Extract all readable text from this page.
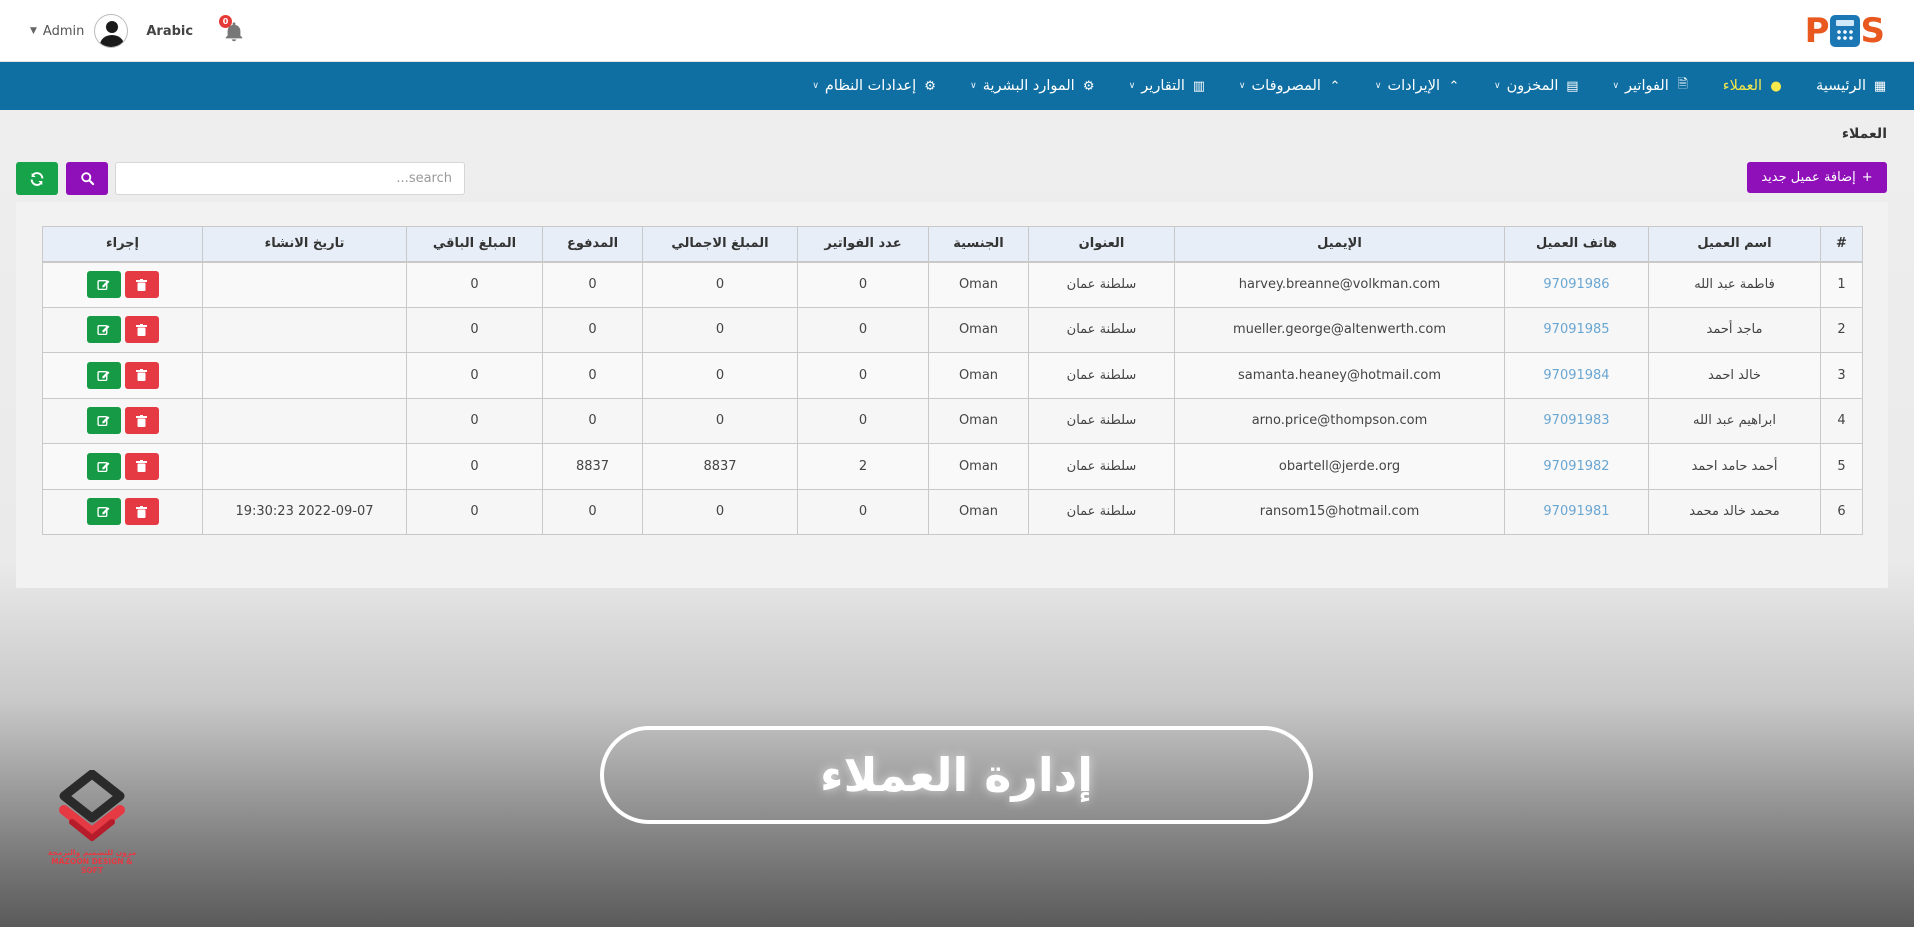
▼ Admin	Arabic
0	P S
▦
الرئيسية
●
العملاء
🗎
الفواتير
∨
▤
المخزون
∨
⌃
الإيرادات
∨
⌃
المصروفات
∨
▥
التقارير
∨
⚙
الموارد البشرية
∨
⚙
إعدادات النظام
∨
العملاء
+
إضافة عميل جديد
search...
#	اسم العميل	هاتف العميل	الإيميل	العنوان	الجنسية	عدد الفواتير	المبلغ الاجمالي	المدفوع	المبلغ الباقي	تاريخ الانشاء	إجراء
1	فاطمة عبد الله	97091986	harvey.breanne@volkman.com	سلطنة عمان	Oman	0	0	0	0		

2	ماجد أحمد	97091985	mueller.george@altenwerth.com	سلطنة عمان	Oman	0	0	0	0		

3	خالد احمد	97091984	samanta.heaney@hotmail.com	سلطنة عمان	Oman	0	0	0	0		

4	ابراهيم عبد الله	97091983	arno.price@thompson.com	سلطنة عمان	Oman	0	0	0	0		

5	أحمد حامد احمد	97091982	obartell@jerde.org	سلطنة عمان	Oman	2	8837	8837	0		

6	محمد خالد محمد	97091981	ransom15@hotmail.com	سلطنة عمان	Oman	0	0	0	0	2022-09-07 19:30:23	
إدارة العملاء
مزون للتصميم والبرمجة
MAZOON DESIGN & SOFT
